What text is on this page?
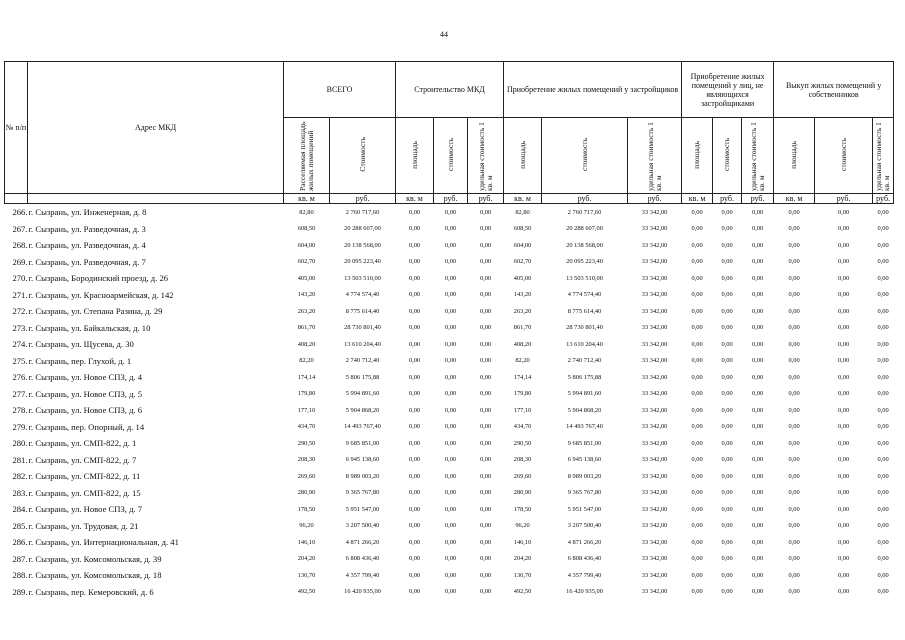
44
№ п/п	Адрес МКД	ВСЕГО		Строительство МКД			Приобретение жилых помещений у застройщиков			Приобретение жилых помещений у лиц, не являющихся застройщиками			Выкуп жилых помещений у собственников		
		Расселяемая площадь жилых помещений	Стоимость	площадь	стоимость	удельная стоимость 1 кв. м	площадь	стоимость	удельная стоимость 1 кв. м	площадь	стоимость	удельная стоимость 1 кв. м	площадь	стоимость	удельная стоимость 1 кв. м
		кв. м	руб.	кв. м	руб.	руб.	кв. м	руб.	руб.	кв. м	руб.	руб.	кв. м	руб.	руб.
266.	г. Сызрань, ул. Инженерная, д. 8	82,80	2 760 717,60	0,00	0,00	0,00	82,80	2 760 717,60	33 342,00	0,00	0,00	0,00	0,00	0,00	0,00
267.	г. Сызрань, ул. Разведочная, д. 3	608,50	20 288 607,00	0,00	0,00	0,00	608,50	20 288 607,00	33 342,00	0,00	0,00	0,00	0,00	0,00	0,00
268.	г. Сызрань, ул. Разведочная, д. 4	604,00	20 138 568,00	0,00	0,00	0,00	604,00	20 138 568,00	33 342,00	0,00	0,00	0,00	0,00	0,00	0,00
269.	г. Сызрань, ул. Разведочная, д. 7	602,70	20 095 223,40	0,00	0,00	0,00	602,70	20 095 223,40	33 342,00	0,00	0,00	0,00	0,00	0,00	0,00
270.	г. Сызрань, Бородинский проезд, д. 26	405,00	13 503 510,00	0,00	0,00	0,00	405,00	13 503 510,00	33 342,00	0,00	0,00	0,00	0,00	0,00	0,00
271.	г. Сызрань, ул. Красноармейская, д. 142	143,20	4 774 574,40	0,00	0,00	0,00	143,20	4 774 574,40	33 342,00	0,00	0,00	0,00	0,00	0,00	0,00
272.	г. Сызрань, ул. Степана Разина, д. 29	263,20	8 775 614,40	0,00	0,00	0,00	263,20	8 775 614,40	33 342,00	0,00	0,00	0,00	0,00	0,00	0,00
273.	г. Сызрань, ул. Байкальская, д. 10	861,70	28 730 801,40	0,00	0,00	0,00	861,70	28 730 801,40	33 342,00	0,00	0,00	0,00	0,00	0,00	0,00
274.	г. Сызрань, ул. Щусева, д. 30	408,20	13 610 204,40	0,00	0,00	0,00	408,20	13 610 204,40	33 342,00	0,00	0,00	0,00	0,00	0,00	0,00
275.	г. Сызрань, пер. Глухой, д. 1	82,20	2 740 712,40	0,00	0,00	0,00	82,20	2 740 712,40	33 342,00	0,00	0,00	0,00	0,00	0,00	0,00
276.	г. Сызрань, ул. Новое СПЗ, д. 4	174,14	5 806 175,88	0,00	0,00	0,00	174,14	5 806 175,88	33 342,00	0,00	0,00	0,00	0,00	0,00	0,00
277.	г. Сызрань, ул. Новое СПЗ, д. 5	179,80	5 994 891,60	0,00	0,00	0,00	179,80	5 994 891,60	33 342,00	0,00	0,00	0,00	0,00	0,00	0,00
278.	г. Сызрань, ул. Новое СПЗ, д. 6	177,10	5 904 868,20	0,00	0,00	0,00	177,10	5 904 868,20	33 342,00	0,00	0,00	0,00	0,00	0,00	0,00
279.	г. Сызрань, пер. Опорный, д. 14	434,70	14 493 767,40	0,00	0,00	0,00	434,70	14 493 767,40	33 342,00	0,00	0,00	0,00	0,00	0,00	0,00
280.	г. Сызрань, ул. СМП-822, д. 1	290,50	9 685 851,00	0,00	0,00	0,00	290,50	9 685 851,00	33 342,00	0,00	0,00	0,00	0,00	0,00	0,00
281.	г. Сызрань, ул. СМП-822, д. 7	208,30	6 945 138,60	0,00	0,00	0,00	208,30	6 945 138,60	33 342,00	0,00	0,00	0,00	0,00	0,00	0,00
282.	г. Сызрань, ул. СМП-822, д. 11	269,60	8 989 003,20	0,00	0,00	0,00	269,60	8 989 003,20	33 342,00	0,00	0,00	0,00	0,00	0,00	0,00
283.	г. Сызрань, ул. СМП-822, д. 15	280,90	9 365 767,80	0,00	0,00	0,00	280,90	9 365 767,80	33 342,00	0,00	0,00	0,00	0,00	0,00	0,00
284.	г. Сызрань, ул. Новое СПЗ, д. 7	178,50	5 951 547,00	0,00	0,00	0,00	178,50	5 951 547,00	33 342,00	0,00	0,00	0,00	0,00	0,00	0,00
285.	г. Сызрань, ул. Трудовая, д. 21	96,20	3 207 500,40	0,00	0,00	0,00	96,20	3 207 500,40	33 342,00	0,00	0,00	0,00	0,00	0,00	0,00
286.	г. Сызрань, ул. Интернациональная, д. 41	146,10	4 871 266,20	0,00	0,00	0,00	146,10	4 871 266,20	33 342,00	0,00	0,00	0,00	0,00	0,00	0,00
287.	г. Сызрань, ул. Комсомольская, д. 39	204,20	6 808 436,40	0,00	0,00	0,00	204,20	6 808 436,40	33 342,00	0,00	0,00	0,00	0,00	0,00	0,00
288.	г. Сызрань, ул. Комсомольская, д. 18	130,70	4 357 799,40	0,00	0,00	0,00	130,70	4 357 799,40	33 342,00	0,00	0,00	0,00	0,00	0,00	0,00
289.	г. Сызрань, пер. Кемеровский, д. 6	492,50	16 420 935,00	0,00	0,00	0,00	492,50	16 420 935,00	33 342,00	0,00	0,00	0,00	0,00	0,00	0,00
